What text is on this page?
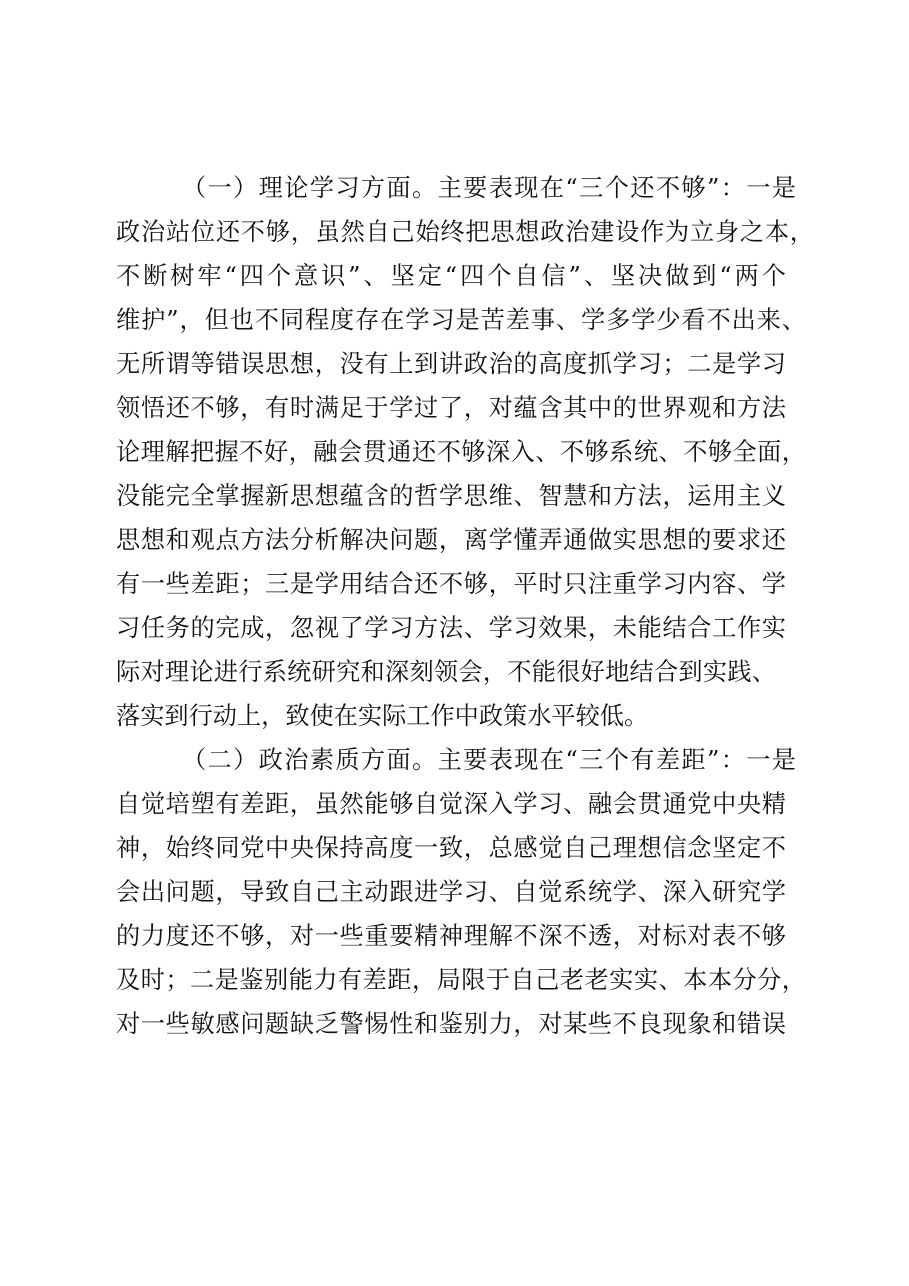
（一）理论学习方面。主要表现在“三个还不够”：一是
政治站位还不够，虽然自己始终把思想政治建设作为立身之本，
不断树牢“四个意识”、坚定“四个自信”、坚决做到“两个
维护”，但也不同程度存在学习是苦差事、学多学少看不出来、
无所谓等错误思想，没有上到讲政治的高度抓学习；二是学习
领悟还不够，有时满足于学过了，对蕴含其中的世界观和方法
论理解把握不好，融会贯通还不够深入、不够系统、不够全面，
没能完全掌握新思想蕴含的哲学思维、智慧和方法，运用主义
思想和观点方法分析解决问题，离学懂弄通做实思想的要求还
有一些差距；三是学用结合还不够，平时只注重学习内容、学
习任务的完成，忽视了学习方法、学习效果，未能结合工作实
际对理论进行系统研究和深刻领会，不能很好地结合到实践、
落实到行动上，致使在实际工作中政策水平较低。
（二）政治素质方面。主要表现在“三个有差距”：一是
自觉培塑有差距，虽然能够自觉深入学习、融会贯通党中央精
神，始终同党中央保持高度一致，总感觉自己理想信念坚定不
会出问题，导致自己主动跟进学习、自觉系统学、深入研究学
的力度还不够，对一些重要精神理解不深不透，对标对表不够
及时；二是鉴别能力有差距，局限于自己老老实实、本本分分，
对一些敏感问题缺乏警惕性和鉴别力，对某些不良现象和错误
